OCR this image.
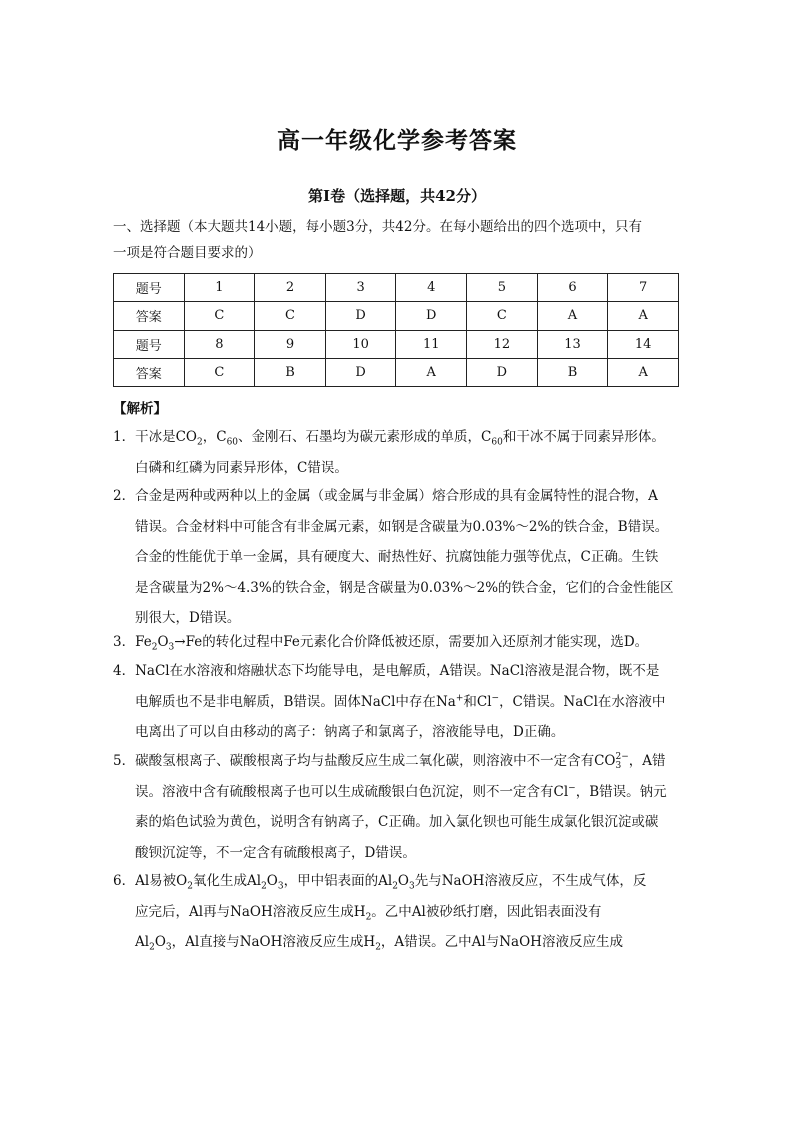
高一年级化学参考答案
第Ⅰ卷（选择题，共42分）
一、选择题（本大题共14小题，每小题3分，共42分。在每小题给出的四个选项中，只有
一项是符合题目要求的）
题号	1	2	3	4	5	6	7
答案	C	C	D	D	C	A	A
题号	8	9	10	11	12	13	14
答案	C	B	D	A	D	B	A
【解析】
1．干冰是$CO_2$，$C_{60}$、金刚石、石墨均为碳元素形成的单质，$C_{60}$和干冰不属于同素异形体。
白磷和红磷为同素异形体，C错误。
2．合金是两种或两种以上的金属（或金属与非金属）熔合形成的具有金属特性的混合物，A
错误。合金材料中可能含有非金属元素，如钢是含碳量为0.03%～2%的铁合金，B错误。
合金的性能优于单一金属，具有硬度大、耐热性好、抗腐蚀能力强等优点，C正确。生铁
是含碳量为2%～4.3%的铁合金，钢是含碳量为0.03%～2%的铁合金，它们的合金性能区
别很大，D错误。
3．$Fe_2O_3\to Fe$的转化过程中Fe元素化合价降低被还原，需要加入还原剂才能实现，选D。
4．NaCl在水溶液和熔融状态下均能导电，是电解质，A错误。NaCl溶液是混合物，既不是
电解质也不是非电解质，B错误。固体NaCl中存在Na+和Cl−，C错误。NaCl在水溶液中
电离出了可以自由移动的离子：钠离子和氯离子，溶液能导电，D正确。
5．碳酸氢根离子、碳酸根离子均与盐酸反应生成二氧化碳，则溶液中不一定含有CO 2−
3 ，A错
误。溶液中含有硫酸根离子也可以生成硫酸银白色沉淀，则不一定含有Cl−，B错误。钠元
素的焰色试验为黄色，说明含有钠离子，C正确。加入氯化钡也可能生成氯化银沉淀或碳
酸钡沉淀等，不一定含有硫酸根离子，D错误。
6．Al易被$O_2$氧化生成$Al_2O_3$，甲中铝表面的$Al_2O_3$先与NaOH溶液反应，不生成气体，反
应完后，Al再与NaOH溶液反应生成$H_2$。乙中Al被砂纸打磨，因此铝表面没有
$Al_2O_3$，Al直接与NaOH溶液反应生成$H_2$，A错误。乙中Al与NaOH溶液反应生成
